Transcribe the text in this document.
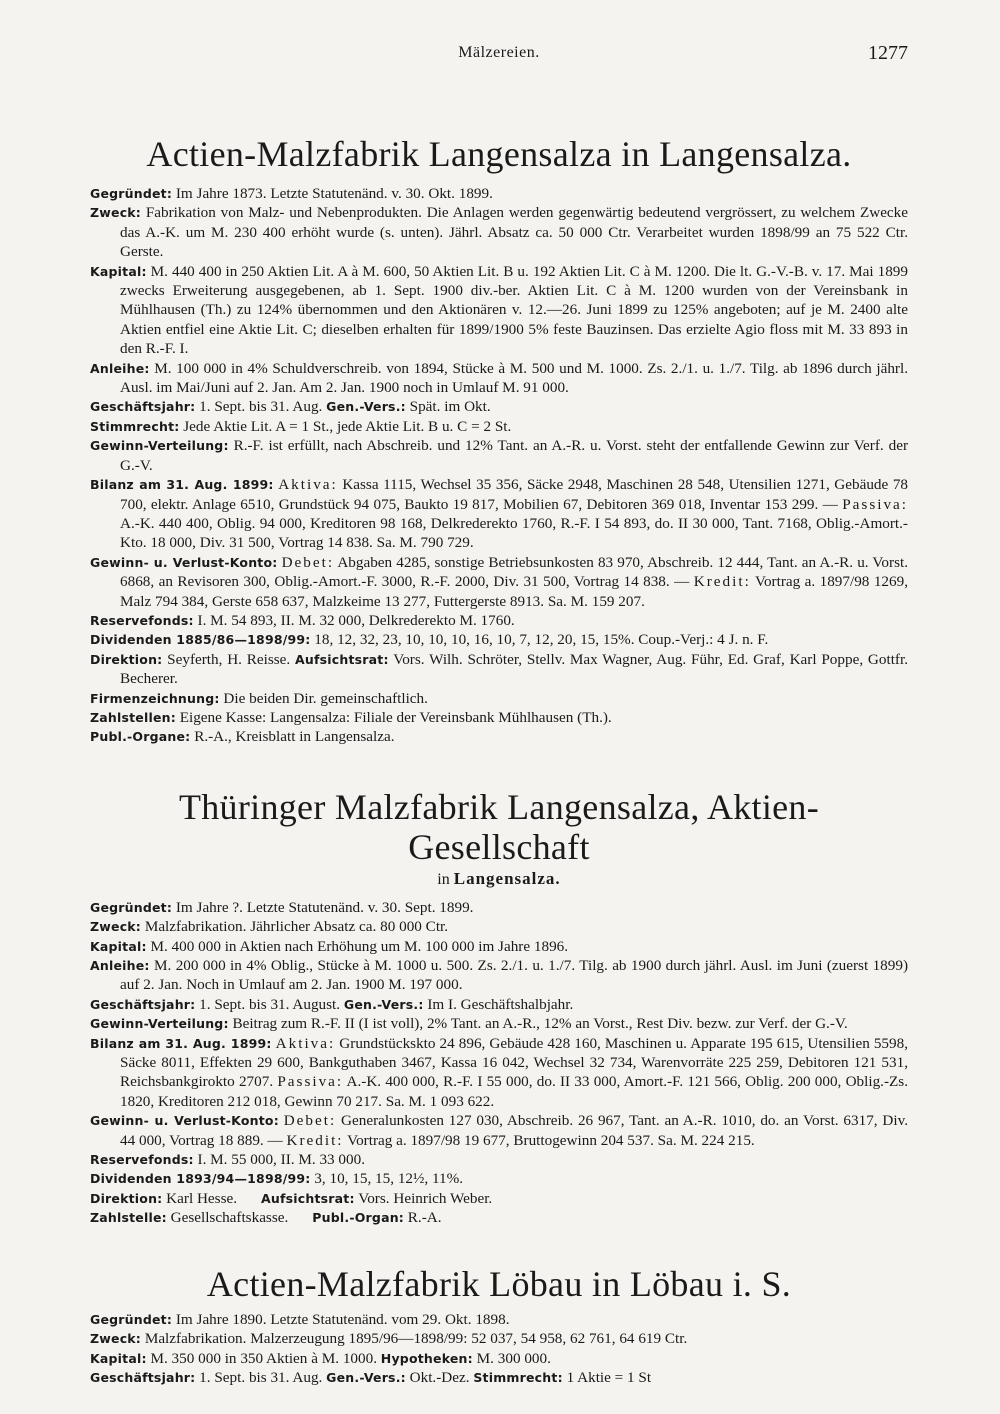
Mälzereien.	1277
Actien-Malzfabrik Langensalza in Langensalza.

Gegründet: Im Jahre 1873. Letzte Statutenänd. v. 30. Okt. 1899.

Zweck: Fabrikation von Malz- und Nebenprodukten. Die Anlagen werden gegenwärtig bedeutend vergrössert, zu welchem Zwecke das A.-K. um M. 230 400 erhöht wurde (s. unten). Jährl. Absatz ca. 50 000 Ctr. Verarbeitet wurden 1898/99 an 75 522 Ctr. Gerste.

Kapital: M. 440 400 in 250 Aktien Lit. A à M. 600, 50 Aktien Lit. B u. 192 Aktien Lit. C à M. 1200. Die lt. G.-V.-B. v. 17. Mai 1899 zwecks Erweiterung ausgegebenen, ab 1. Sept. 1900 div.-ber. Aktien Lit. C à M. 1200 wurden von der Vereinsbank in Mühlhausen (Th.) zu 124% übernommen und den Aktionären v. 12.—26. Juni 1899 zu 125% angeboten; auf je M. 2400 alte Aktien entfiel eine Aktie Lit. C; dieselben erhalten für 1899/1900 5% feste Bauzinsen. Das erzielte Agio floss mit M. 33 893 in den R.-F. I.

Anleihe: M. 100 000 in 4% Schuldverschreib. von 1894, Stücke à M. 500 und M. 1000. Zs. 2./1. u. 1./7. Tilg. ab 1896 durch jährl. Ausl. im Mai/Juni auf 2. Jan. Am 2. Jan. 1900 noch in Umlauf M. 91 000.

Geschäftsjahr: 1. Sept. bis 31. Aug. Gen.-Vers.: Spät. im Okt.

Stimmrecht: Jede Aktie Lit. A = 1 St., jede Aktie Lit. B u. C = 2 St.

Gewinn-Verteilung: R.-F. ist erfüllt, nach Abschreib. und 12% Tant. an A.-R. u. Vorst. steht der entfallende Gewinn zur Verf. der G.-V.

Bilanz am 31. Aug. 1899: Aktiva: Kassa 1115, Wechsel 35 356, Säcke 2948, Maschinen 28 548, Utensilien 1271, Gebäude 78 700, elektr. Anlage 6510, Grundstück 94 075, Baukto 19 817, Mobilien 67, Debitoren 369 018, Inventar 153 299. — Passiva: A.-K. 440 400, Oblig. 94 000, Kreditoren 98 168, Delkrederekto 1760, R.-F. I 54 893, do. II 30 000, Tant. 7168, Oblig.-Amort.-Kto. 18 000, Div. 31 500, Vortrag 14 838. Sa. M. 790 729.

Gewinn- u. Verlust-Konto: Debet: Abgaben 4285, sonstige Betriebsunkosten 83 970, Abschreib. 12 444, Tant. an A.-R. u. Vorst. 6868, an Revisoren 300, Oblig.-Amort.-F. 3000, R.-F. 2000, Div. 31 500, Vortrag 14 838. — Kredit: Vortrag a. 1897/98 1269, Malz 794 384, Gerste 658 637, Malzkeime 13 277, Futtergerste 8913. Sa. M. 159 207.

Reservefonds: I. M. 54 893, II. M. 32 000, Delkrederekto M. 1760.

Dividenden 1885/86—1898/99: 18, 12, 32, 23, 10, 10, 10, 16, 10, 7, 12, 20, 15, 15%. Coup.-Verj.: 4 J. n. F.

Direktion: Seyferth, H. Reisse. Aufsichtsrat: Vors. Wilh. Schröter, Stellv. Max Wagner, Aug. Führ, Ed. Graf, Karl Poppe, Gottfr. Becherer.

Firmenzeichnung: Die beiden Dir. gemeinschaftlich.

Zahlstellen: Eigene Kasse: Langensalza: Filiale der Vereinsbank Mühlhausen (Th.).

Publ.-Organe: R.-A., Kreisblatt in Langensalza.

Thüringer Malzfabrik Langensalza, Aktien-Gesellschaft
in Langensalza.

Gegründet: Im Jahre ?. Letzte Statutenänd. v. 30. Sept. 1899.

Zweck: Malzfabrikation. Jährlicher Absatz ca. 80 000 Ctr.

Kapital: M. 400 000 in Aktien nach Erhöhung um M. 100 000 im Jahre 1896.

Anleihe: M. 200 000 in 4% Oblig., Stücke à M. 1000 u. 500. Zs. 2./1. u. 1./7. Tilg. ab 1900 durch jährl. Ausl. im Juni (zuerst 1899) auf 2. Jan. Noch in Umlauf am 2. Jan. 1900 M. 197 000.

Geschäftsjahr: 1. Sept. bis 31. August. Gen.-Vers.: Im I. Geschäftshalbjahr.

Gewinn-Verteilung: Beitrag zum R.-F. II (I ist voll), 2% Tant. an A.-R., 12% an Vorst., Rest Div. bezw. zur Verf. der G.-V.

Bilanz am 31. Aug. 1899: Aktiva: Grundstückskto 24 896, Gebäude 428 160, Maschinen u. Apparate 195 615, Utensilien 5598, Säcke 8011, Effekten 29 600, Bankguthaben 3467, Kassa 16 042, Wechsel 32 734, Warenvorräte 225 259, Debitoren 121 531, Reichsbankgirokto 2707. Passiva: A.-K. 400 000, R.-F. I 55 000, do. II 33 000, Amort.-F. 121 566, Oblig. 200 000, Oblig.-Zs. 1820, Kreditoren 212 018, Gewinn 70 217. Sa. M. 1 093 622.

Gewinn- u. Verlust-Konto: Debet: Generalunkosten 127 030, Abschreib. 26 967, Tant. an A.-R. 1010, do. an Vorst. 6317, Div. 44 000, Vortrag 18 889. — Kredit: Vortrag a. 1897/98 19 677, Bruttogewinn 204 537. Sa. M. 224 215.

Reservefonds: I. M. 55 000, II. M. 33 000.

Dividenden 1893/94—1898/99: 3, 10, 15, 15, 12½, 11%.

Direktion: Karl Hesse. Aufsichtsrat: Vors. Heinrich Weber.

Zahlstelle: Gesellschaftskasse. Publ.-Organ: R.-A.

Actien-Malzfabrik Löbau in Löbau i. S.

Gegründet: Im Jahre 1890. Letzte Statutenänd. vom 29. Okt. 1898.

Zweck: Malzfabrikation. Malzerzeugung 1895/96—1898/99: 52 037, 54 958, 62 761, 64 619 Ctr.

Kapital: M. 350 000 in 350 Aktien à M. 1000. Hypotheken: M. 300 000.

Geschäftsjahr: 1. Sept. bis 31. Aug. Gen.-Vers.: Okt.-Dez. Stimmrecht: 1 Aktie = 1 St
